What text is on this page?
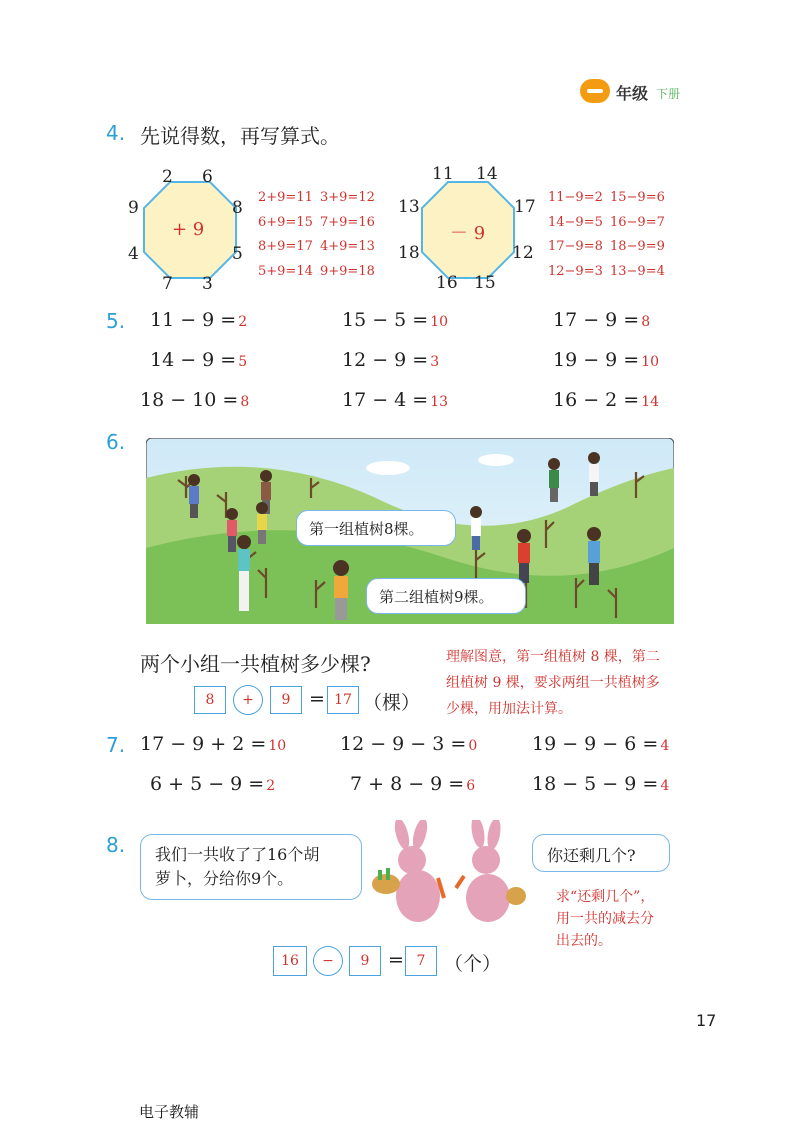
年级 下册
4. 先说得数，再写算式。
+ 9
2 6
8
5
3
7
4
9
2+9=11 3+9=12
6+9=15 7+9=16
8+9=17 4+9=13
5+9=14 9+9=18
－ 9
11 14
17
12
15
16
18
13	11−9=2 15−9=6
14−9=5 16−9=7
17−9=8 18−9=9
12−9=3 13−9=4
5. 11 − 9 = 2	15 − 5 = 10	17 − 9 = 8
14 − 9 = 5	12 − 9 = 3	19 − 9 = 10
18 − 10 = 8	17 − 4 = 13	16 − 2 = 14
6.
第一组植树8棵。
第二组植树9棵。
两个小组一共植树多少棵?	理解图意，第一组植树 8 棵，第二
组植树 9 棵，要求两组一共植树多
少棵，用加法计算。
8	+	9 = 17 （棵）
7. 17 − 9 + 2 = 10	12 − 9 − 3 = 0	19 − 9 − 6 = 4
6 + 5 − 9 = 2	7 + 8 − 9 = 6	18 − 5 − 9 = 4
8. 我们一共收了了16个胡
萝卜，分给你9个。
你还剩几个?
求“还剩几个”，
用一共的减去分
出去的。
16	−	9 = 7 （个）
17
电子教辅
